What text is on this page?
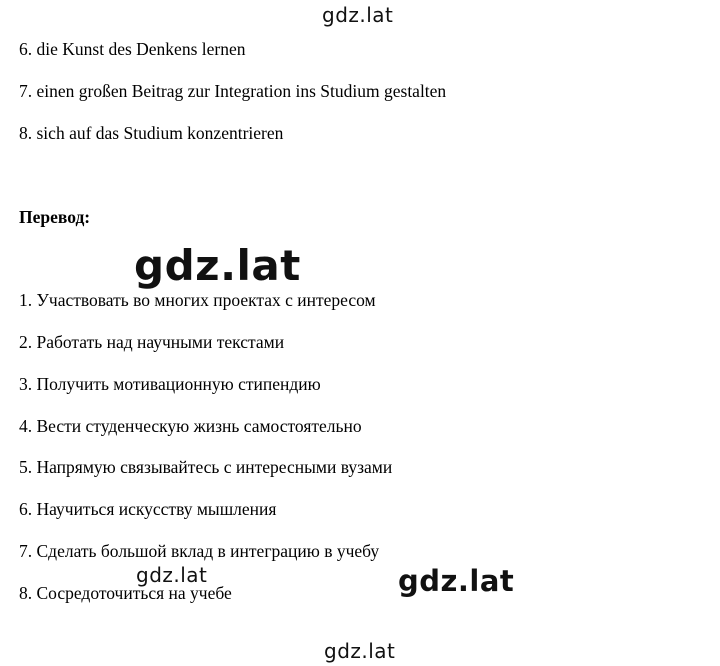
gdz.lat
6. die Kunst des Denkens lernen
7. einen großen Beitrag zur Integration ins Studium gestalten
8. sich auf das Studium konzentrieren
Перевод:
1. Участвовать во многих проектах с интересом
2. Работать над научными текстами
3. Получить мотивационную стипендию
4. Вести студенческую жизнь самостоятельно
5. Напрямую связывайтесь с интересными вузами
6. Научиться искусству мышления
7. Сделать большой вклад в интеграцию в учебу
8. Сосредоточиться на учебе
gdz.lat
gdz.lat	gdz.lat
gdz.lat
